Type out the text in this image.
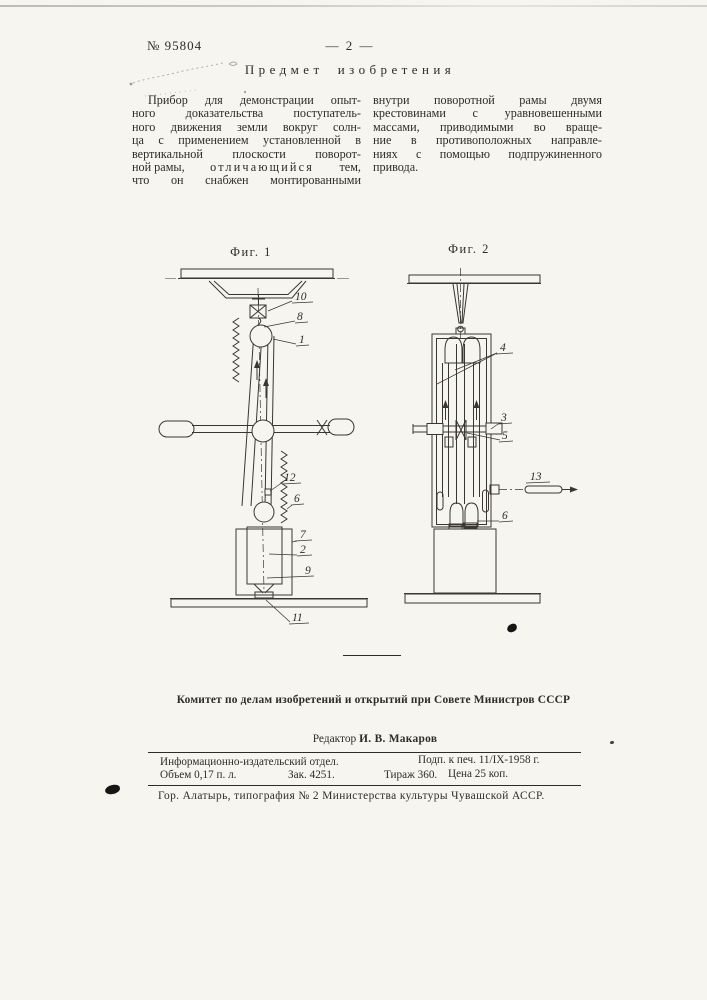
№ 95804	— 2 —
Предмет изобретения
Прибор для демонстрации опыт-
ного доказательства поступатель-
ного движения земли вокруг солн-
ца с применением установленной в
вертикальной плоскости поворот-
ной рамы, отличающийся тем,
что он снабжен монтированными
внутри поворотной рамы двумя
крестовинами с уравновешенными
массами, приводимыми во враще-
ние в противоположных направле-
ниях с помощью подпружиненного
привода.
Фиг. 1
10
8
1
12
6
7
2
9
11
Фиг. 2
4
3
5
13
6
Комитет по делам изобретений и открытий при Совете Министров СССР
Редактор И. В. Макаров
Информационно-издательский отдел.	Подп. к печ. 11/IX-1958 г.
Объем 0,17 п. л.	Зак. 4251.	Тираж 360. Цена 25 коп.
Гор. Алатырь, типография № 2 Министерства культуры Чувашской АССР.
